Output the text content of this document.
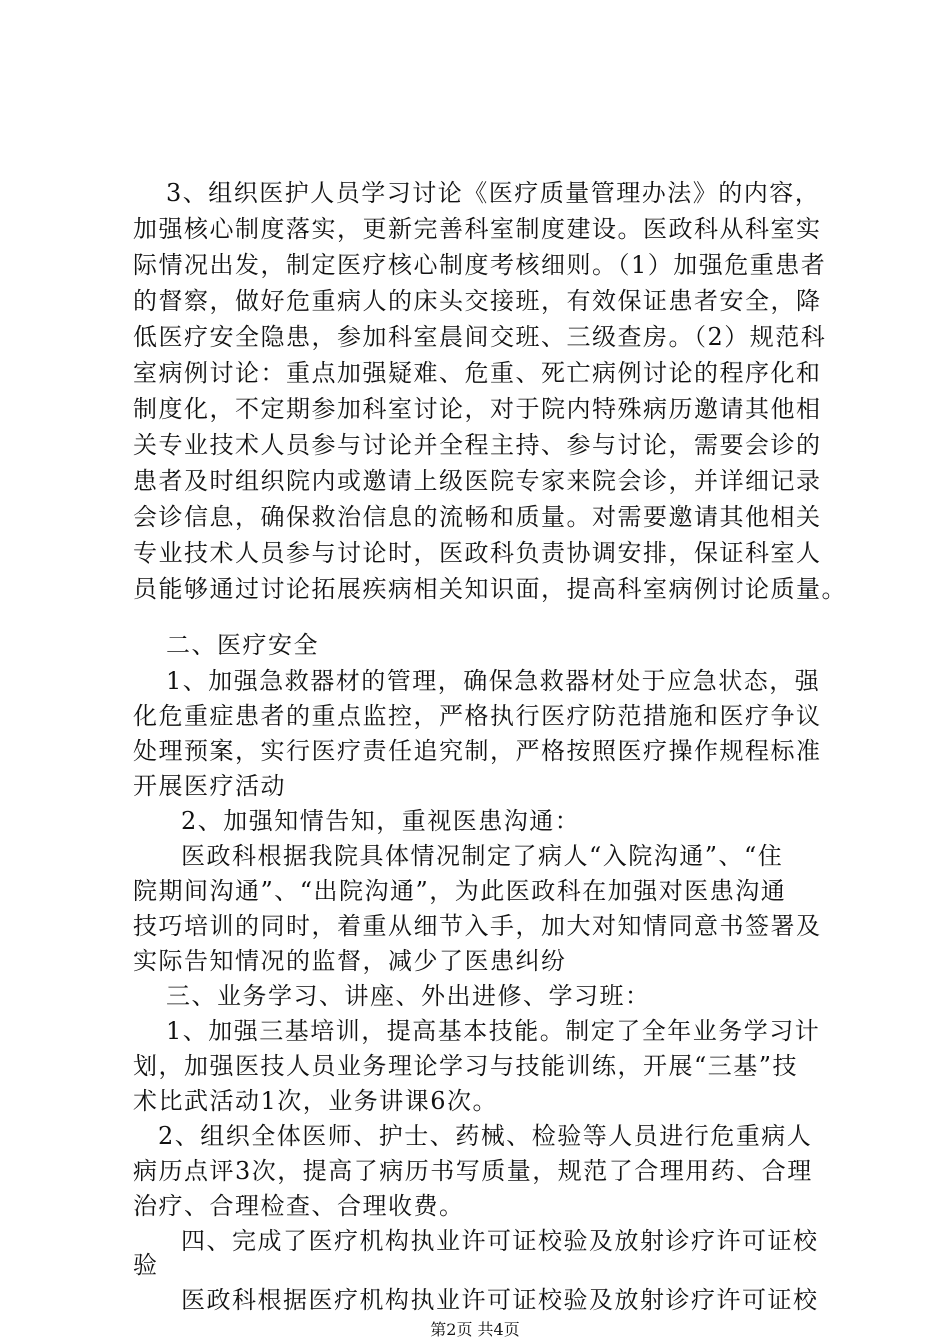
3、组织医护人员学习讨论《医疗质量管理办法》的内容，
加强核心制度落实，更新完善科室制度建设。医政科从科室实
际情况出发，制定医疗核心制度考核细则。（1）加强危重患者
的督察，做好危重病人的床头交接班，有效保证患者安全，降
低医疗安全隐患，参加科室晨间交班、三级查房。（2）规范科
室病例讨论：重点加强疑难、危重、死亡病例讨论的程序化和
制度化，不定期参加科室讨论，对于院内特殊病历邀请其他相
关专业技术人员参与讨论并全程主持、参与讨论，需要会诊的
患者及时组织院内或邀请上级医院专家来院会诊，并详细记录
会诊信息，确保救治信息的流畅和质量。对需要邀请其他相关
专业技术人员参与讨论时，医政科负责协调安排，保证科室人
员能够通过讨论拓展疾病相关知识面，提高科室病例讨论质量。
二、医疗安全
1、加强急救器材的管理，确保急救器材处于应急状态，强
化危重症患者的重点监控，严格执行医疗防范措施和医疗争议
处理预案，实行医疗责任追究制，严格按照医疗操作规程标准
开展医疗活动
2、加强知情告知，重视医患沟通：
医政科根据我院具体情况制定了病人“入院沟通”、“住
院期间沟通”、“出院沟通”，为此医政科在加强对医患沟通
技巧培训的同时，着重从细节入手，加大对知情同意书签署及
实际告知情况的监督，减少了医患纠纷
三、业务学习、讲座、外出进修、学习班：
1、加强三基培训，提高基本技能。制定了全年业务学习计
划，加强医技人员业务理论学习与技能训练，开展“三基”技
术比武活动1次，业务讲课6次。
2、组织全体医师、护士、药械、检验等人员进行危重病人
病历点评3次，提高了病历书写质量，规范了合理用药、合理
治疗、合理检查、合理收费。
四、完成了医疗机构执业许可证校验及放射诊疗许可证校
验
医政科根据医疗机构执业许可证校验及放射诊疗许可证校
第2页 共4页
